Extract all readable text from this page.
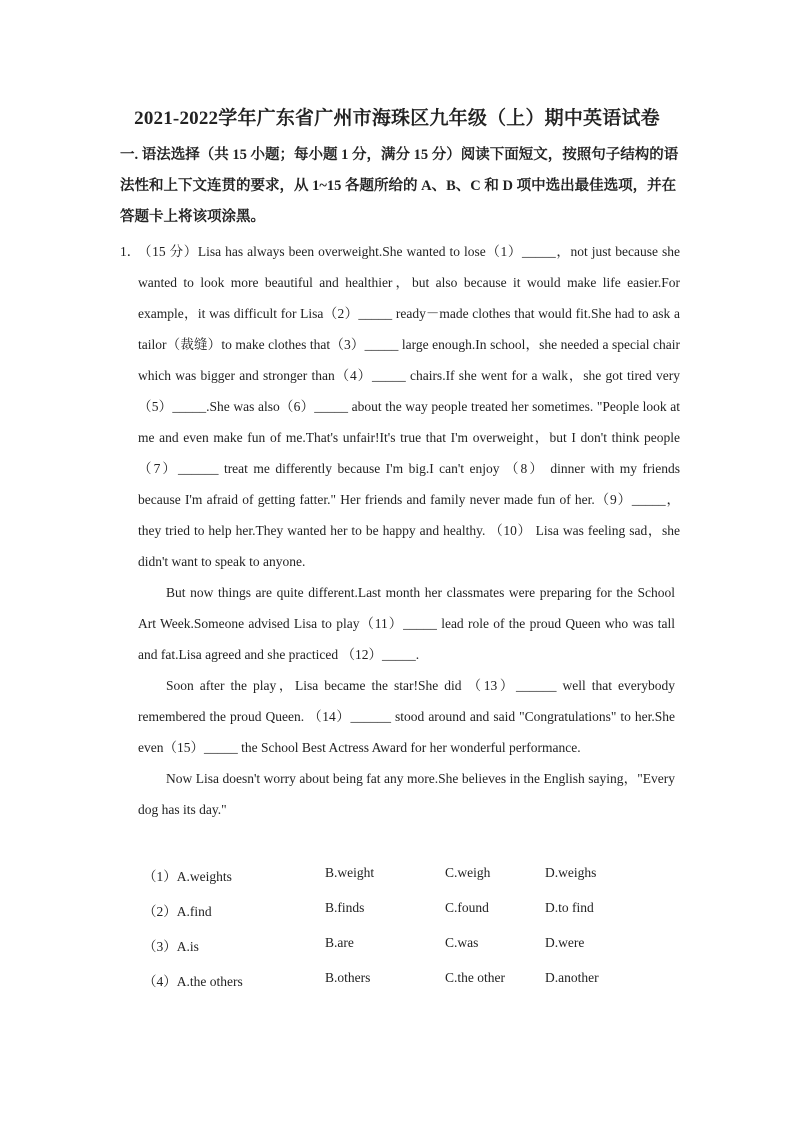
2021-2022学年广东省广州市海珠区九年级（上）期中英语试卷
一. 语法选择（共 15 小题；每小题 1 分，满分 15 分）阅读下面短文，按照句子结构的语法性和上下文连贯的要求，从 1~15 各题所给的 A、B、C 和 D 项中选出最佳选项，并在答题卡上将该项涂黑。
1．
（15 分）Lisa has always been overweight.She wanted to lose（1）_____，not just because she wanted to look more beautiful and healthier，but also because it would make life easier.For example，it was difficult for Lisa（2）_____ ready－made clothes that would fit.She had to ask a tailor（裁缝）to make clothes that（3）_____ large enough.In school，she needed a special chair which was bigger and stronger than（4）_____ chairs.If she went for a walk，she got tired very（5）_____.She was also（6）_____ about the way people treated her sometimes. "People look at me and even make fun of me.That's unfair!It's true that I'm overweight，but I don't think people （7）______ treat me differently because I'm big.I can't enjoy （8） dinner with my friends because I'm afraid of getting fatter." Her friends and family never made fun of her.（9）_____，they tried to help her.They wanted her to be happy and healthy. （10） Lisa was feeling sad，she didn't want to speak to anyone.
But now things are quite different.Last month her classmates were preparing for the School Art Week.Someone advised Lisa to play（11）_____ lead role of the proud Queen who was tall and fat.Lisa agreed and she practiced （12）_____.
Soon after the play，Lisa became the star!She did （13）______ well that everybody remembered the proud Queen. （14）______ stood around and said "Congratulations" to her.She even（15）_____ the School Best Actress Award for her wonderful performance.
Now Lisa doesn't worry about being fat any more.She believes in the English saying，"Every dog has its day."
（1）A.weights	B.weight	C.weigh	D.weighs
（2）A.find	B.finds	C.found	D.to find
（3）A.is	B.are	C.was	D.were
（4）A.the others	B.others	C.the other	D.another
